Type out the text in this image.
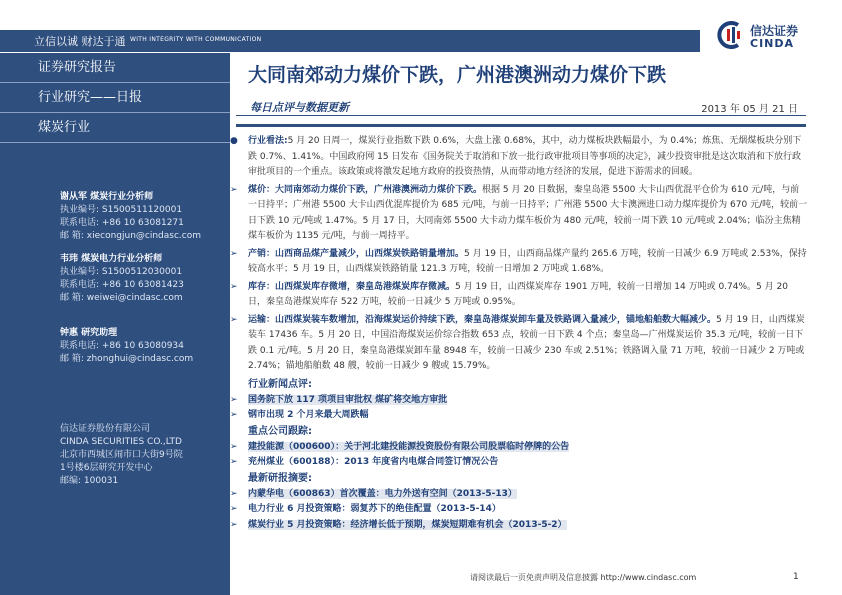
立信以诚 财达于通 WITH INTEGRITY WITH COMMUNICATION
信达证券
CINDA
证券研究报告
行业研究——日报
煤炭行业
谢从军 煤炭行业分析师
执业编号: S1500511120001
联系电话: +86 10 63081271
邮 箱: xiecongjun@cindasc.com
韦玮 煤炭电力行业分析师
执业编号: S1500512030001
联系电话: +86 10 63081423
邮 箱: weiwei@cindasc.com
钟惠 研究助理
联系电话: +86 10 63080934
邮 箱: zhonghui@cindasc.com
信达证券股份有限公司
CINDA SECURITIES CO.,LTD
北京市西城区闹市口大街9号院
1号楼6层研究开发中心
邮编: 100031
大同南郊动力煤价下跌，广州港澳洲动力煤价下跌
每日点评与数据更新	2013 年 05 月 21 日
● 行业看法:5 月 20 日周一，煤炭行业指数下跌 0.6%，大盘上涨 0.68%，其中，动力煤板块跌幅最小，为 0.4%；炼焦、无烟煤板块分别下跌 0.7%、1.41%。中国政府网 15 日发布《国务院关于取消和下放一批行政审批项目等事项的决定》，减少投资审批是这次取消和下放行政审批项目的一个重点。该政策或将激发起地方政府的投资热情，从而带动地方经济的发展，促进下游需求的回暖。
➢ 煤价：大同南郊动力煤价下跌，广州港澳洲动力煤价下跌。根据 5 月 20 日数据，秦皇岛港 5500 大卡山西优混平仓价为 610 元/吨，与前一日持平；广州港 5500 大卡山西优混库提价为 685 元/吨，与前一日持平；广州港 5500 大卡澳洲进口动力煤库提价为 670 元/吨，较前一日下跌 10 元/吨或 1.47%。5 月 17 日，大同南郊 5500 大卡动力煤车板价为 480 元/吨，较前一周下跌 10 元/吨或 2.04%；临汾主焦精煤车板价为 1135 元/吨，与前一周持平。
➢ 产销：山西商品煤产量减少，山西煤炭铁路销量增加。5 月 19 日，山西商品煤产量约 265.6 万吨，较前一日减少 6.9 万吨或 2.53%，保持较高水平；5 月 19 日，山西煤炭铁路销量 121.3 万吨，较前一日增加 2 万吨或 1.68%。
➢ 库存：山西煤炭库存微增，秦皇岛港煤炭库存微减。5 月 19 日，山西煤炭库存 1901 万吨，较前一日增加 14 万吨或 0.74%。5 月 20 日，秦皇岛港煤炭库存 522 万吨，较前一日减少 5 万吨或 0.95%。
➢ 运输：山西煤炭装车数增加，沿海煤炭运价持续下跌，秦皇岛港煤炭卸车量及铁路调入量减少，锚地船舶数大幅减少。5 月 19 日，山西煤炭装车 17436 车。5 月 20 日，中国沿海煤炭运价综合指数 653 点，较前一日下跌 4 个点；秦皇岛—广州煤炭运价 35.3 元/吨，较前一日下跌 0.1 元/吨。5 月 20 日，秦皇岛港煤炭卸车量 8948 车，较前一日减少 230 车或 2.51%；铁路调入量 71 万吨，较前一日减少 2 万吨或 2.74%；锚地船舶数 48 艘，较前一日减少 9 艘或 15.79%。
行业新闻点评:
➢ 国务院下放 117 项项目审批权 煤矿将交地方审批
➢ 钢市出现 2 个月来最大周跌幅
重点公司跟踪:
➢ 建投能源（000600）：关于河北建投能源投资股份有限公司股票临时停牌的公告
➢ 兖州煤业（600188）：2013 年度省内电煤合同签订情况公告
最新研报摘要:
➢ 内蒙华电（600863）首次覆盖：电力外送有空间（2013-5-13）
➢ 电力行业 6 月投资策略：弱复苏下的绝佳配置（2013-5-14）
➢ 煤炭行业 5 月投资策略：经济增长低于预期，煤炭短期难有机会（2013-5-2）
请阅读最后一页免责声明及信息披露 http://www.cindasc.com	1
